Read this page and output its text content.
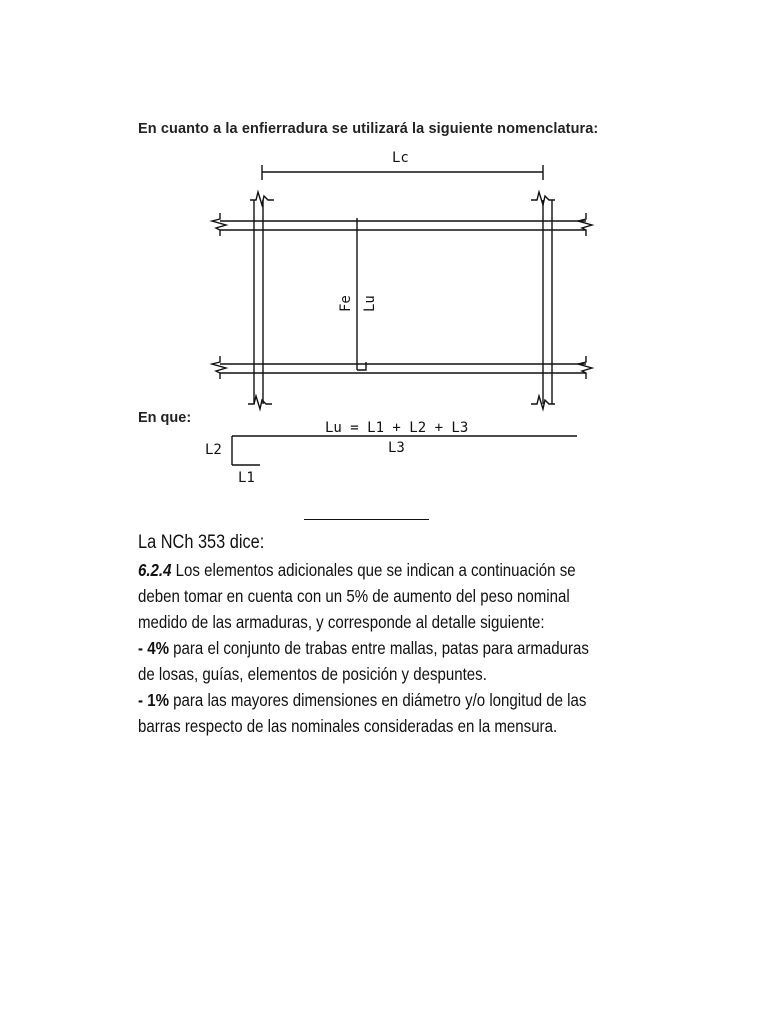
En cuanto a la enfierradura se utilizará la siguiente nomenclatura:
Lc
Fe Lu
Lu = L1 + L2 + L3
L3
L2
L1
En que:
La NCh 353 dice:

6.2.4 Los elementos adicionales que se indican a continuación se deben tomar en cuenta con un 5% de aumento del peso nominal medido de las armaduras, y corresponde al detalle siguiente:

- 4% para el conjunto de trabas entre mallas, patas para armaduras de losas, guías, elementos de posición y despuntes.

- 1% para las mayores dimensiones en diámetro y/o longitud de las barras respecto de las nominales consideradas en la mensura.
